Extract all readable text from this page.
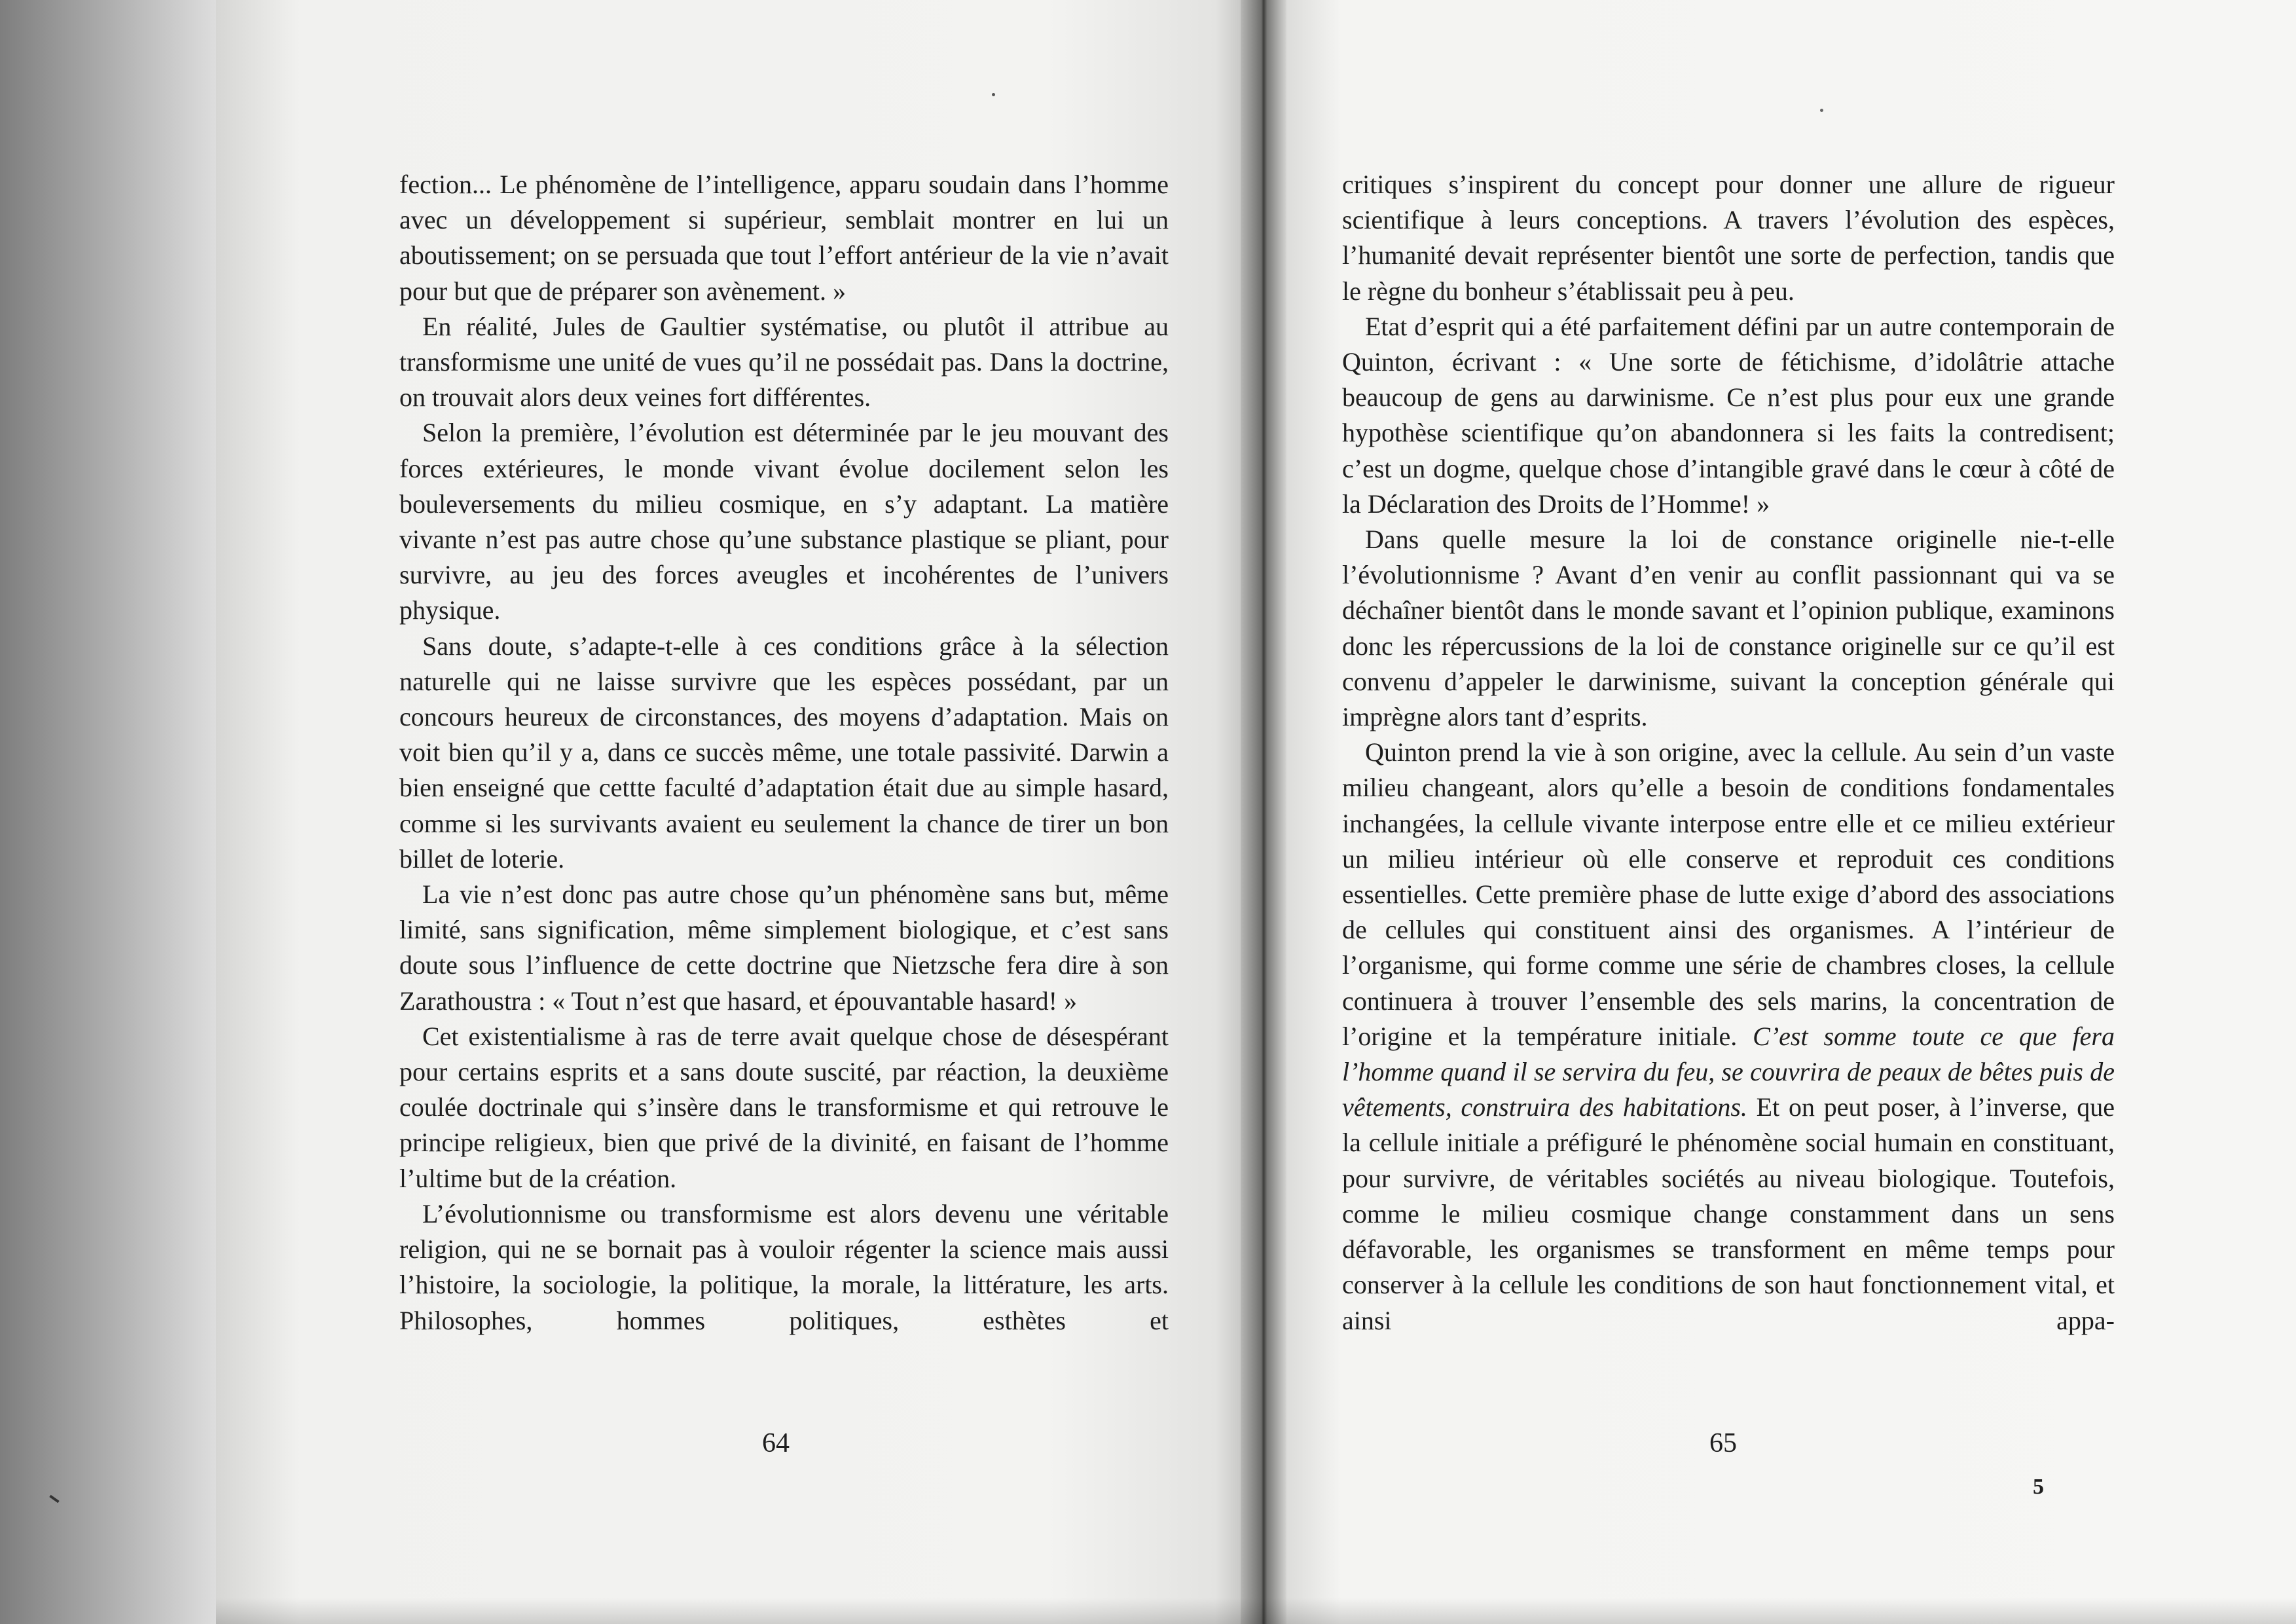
fection... Le phénomène de l’intelligence, apparu soudain dans l’homme avec un développement si supérieur, semblait montrer en lui un aboutissement; on se persuada que tout l’effort antérieur de la vie n’avait pour but que de préparer son avènement. »

En réalité, Jules de Gaultier systématise, ou plutôt il attribue au transformisme une unité de vues qu’il ne possédait pas. Dans la doctrine, on trouvait alors deux veines fort différentes.

Selon la première, l’évolution est déterminée par le jeu mouvant des forces extérieures, le monde vivant évolue docilement selon les bouleversements du milieu cosmique, en s’y adaptant. La matière vivante n’est pas autre chose qu’une substance plastique se pliant, pour survivre, au jeu des forces aveugles et incohérentes de l’univers physique.

Sans doute, s’adapte-t-elle à ces conditions grâce à la sélection naturelle qui ne laisse survivre que les espèces possédant, par un concours heureux de circonstances, des moyens d’adaptation. Mais on voit bien qu’il y a, dans ce succès même, une totale passivité. Darwin a bien enseigné que cettte faculté d’adaptation était due au simple hasard, comme si les survivants avaient eu seulement la chance de tirer un bon billet de loterie.

La vie n’est donc pas autre chose qu’un phénomène sans but, même limité, sans signification, même simplement biologique, et c’est sans doute sous l’influence de cette doctrine que Nietzsche fera dire à son Zarathoustra : « Tout n’est que hasard, et épouvantable hasard! »

Cet existentialisme à ras de terre avait quelque chose de désespérant pour certains esprits et a sans doute suscité, par réaction, la deuxième coulée doctrinale qui s’insère dans le transformisme et qui retrouve le principe religieux, bien que privé de la divinité, en faisant de l’homme l’ultime but de la création.

L’évolutionnisme ou transformisme est alors devenu une véritable religion, qui ne se bornait pas à vouloir régenter la science mais aussi l’histoire, la sociologie, la politique, la morale, la littérature, les arts. Philosophes, hommes politiques, esthètes et

critiques s’inspirent du concept pour donner une allure de rigueur scientifique à leurs conceptions. A travers l’évolution des espèces, l’humanité devait représenter bientôt une sorte de perfection, tandis que le règne du bonheur s’établissait peu à peu.

Etat d’esprit qui a été parfaitement défini par un autre contemporain de Quinton, écrivant : « Une sorte de fétichisme, d’idolâtrie attache beaucoup de gens au darwinisme. Ce n’est plus pour eux une grande hypothèse scientifique qu’on abandonnera si les faits la contredisent; c’est un dogme, quelque chose d’intangible gravé dans le cœur à côté de la Déclaration des Droits de l’Homme! »

Dans quelle mesure la loi de constance originelle nie-t-elle l’évolutionnisme ? Avant d’en venir au conflit passionnant qui va se déchaîner bientôt dans le monde savant et l’opinion publique, examinons donc les répercussions de la loi de constance originelle sur ce qu’il est convenu d’appeler le darwinisme, suivant la conception générale qui imprègne alors tant d’esprits.

Quinton prend la vie à son origine, avec la cellule. Au sein d’un vaste milieu changeant, alors qu’elle a besoin de conditions fondamentales inchangées, la cellule vivante interpose entre elle et ce milieu extérieur un milieu intérieur où elle conserve et reproduit ces conditions essentielles. Cette première phase de lutte exige d’abord des associations de cellules qui constituent ainsi des organismes. A l’intérieur de l’organisme, qui forme comme une série de chambres closes, la cellule continuera à trouver l’ensemble des sels marins, la concentration de l’origine et la température initiale. C’est somme toute ce que fera l’homme quand il se servira du feu, se couvrira de peaux de bêtes puis de vêtements, construira des habitations. Et on peut poser, à l’inverse, que la cellule initiale a préfiguré le phénomène social humain en constituant, pour survivre, de véritables sociétés au niveau biologique. Toutefois, comme le milieu cosmique change constamment dans un sens défavorable, les organismes se transforment en même temps pour conserver à la cellule les conditions de son haut fonctionnement vital, et ainsi appa-

64	65
5
